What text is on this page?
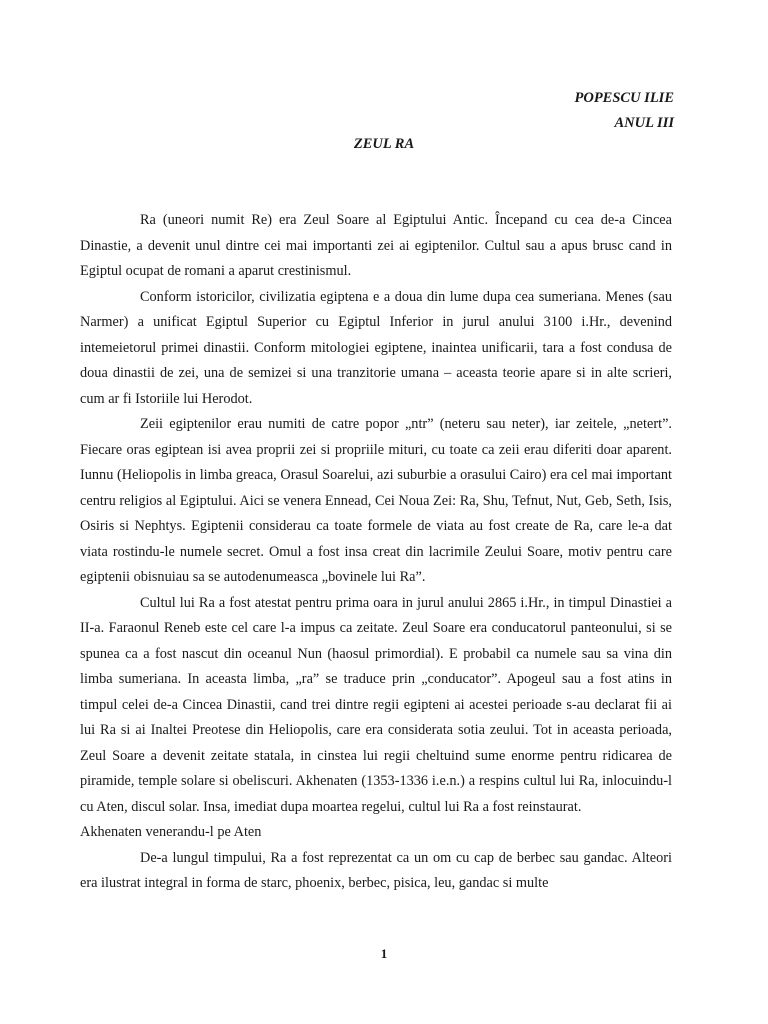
POPESCU ILIE
ANUL III
ZEUL RA

Ra (uneori numit Re) era Zeul Soare al Egiptului Antic. Începand cu cea de-a Cincea Dinastie, a devenit unul dintre cei mai importanti zei ai egiptenilor. Cultul sau a apus brusc cand in Egiptul ocupat de romani a aparut crestinismul.

Conform istoricilor, civilizatia egiptena e a doua din lume dupa cea sumeriana. Menes (sau Narmer) a unificat Egiptul Superior cu Egiptul Inferior in jurul anului 3100 i.Hr., devenind intemeietorul primei dinastii. Conform mitologiei egiptene, inaintea unificarii, tara a fost condusa de doua dinastii de zei, una de semizei si una tranzitorie umana – aceasta teorie apare si in alte scrieri, cum ar fi Istoriile lui Herodot.

Zeii egiptenilor erau numiti de catre popor „ntr” (neteru sau neter), iar zeitele, „netert”. Fiecare oras egiptean isi avea proprii zei si propriile mituri, cu toate ca zeii erau diferiti doar aparent. Iunnu (Heliopolis in limba greaca, Orasul Soarelui, azi suburbie a orasului Cairo) era cel mai important centru religios al Egiptului. Aici se venera Ennead, Cei Noua Zei: Ra, Shu, Tefnut, Nut, Geb, Seth, Isis, Osiris si Nephtys. Egiptenii considerau ca toate formele de viata au fost create de Ra, care le-a dat viata rostindu-le numele secret. Omul a fost insa creat din lacrimile Zeului Soare, motiv pentru care egiptenii obisnuiau sa se autodenumeasca „bovinele lui Ra”.

Cultul lui Ra a fost atestat pentru prima oara in jurul anului 2865 i.Hr., in timpul Dinastiei a II-a. Faraonul Reneb este cel care l-a impus ca zeitate. Zeul Soare era conducatorul panteonului, si se spunea ca a fost nascut din oceanul Nun (haosul primordial). E probabil ca numele sau sa vina din limba sumeriana. In aceasta limba, „ra” se traduce prin „conducator”. Apogeul sau a fost atins in timpul celei de-a Cincea Dinastii, cand trei dintre regii egipteni ai acestei perioade s-au declarat fii ai lui Ra si ai Inaltei Preotese din Heliopolis, care era considerata sotia zeului. Tot in aceasta perioada, Zeul Soare a devenit zeitate statala, in cinstea lui regii cheltuind sume enorme pentru ridicarea de piramide, temple solare si obeliscuri. Akhenaten (1353-1336 i.e.n.) a respins cultul lui Ra, inlocuindu-l cu Aten, discul solar. Insa, imediat dupa moartea regelui, cultul lui Ra a fost reinstaurat.

Akhenaten venerandu-l pe Aten

De-a lungul timpului, Ra a fost reprezentat ca un om cu cap de berbec sau gandac. Alteori era ilustrat integral in forma de starc, phoenix, berbec, pisica, leu, gandac si multe

1
